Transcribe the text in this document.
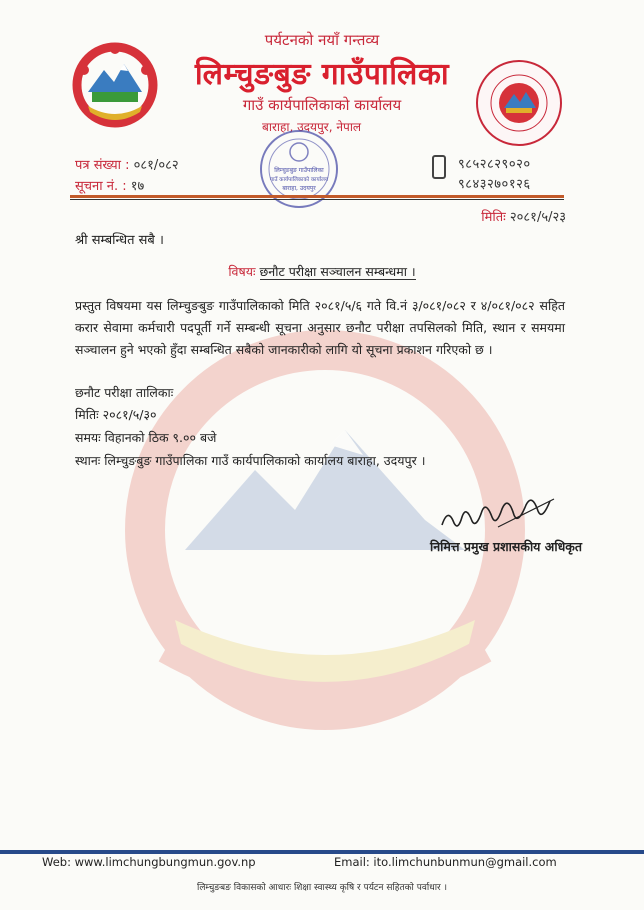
पर्यटनको नयाँ गन्तव्य
लिम्चुङबुङ गाउँपालिका
गाउँ कार्यपालिकाको कार्यालय
बाराहा, उदयपुर, नेपाल
लिम्चुङबुङ गाउँपालिका
गाउँ कार्यपालिकाको कार्यालय
बाराहा, उदयपुर
पत्र संख्या : ०८१/०८२
सूचना नं. : १७
९८५२८२९०२०
९८४३२७०१२६
मितिः २०८१/५/२३
श्री सम्बन्धित सबै ।
विषयः छनौट परीक्षा सञ्चालन सम्बन्धमा ।
प्रस्तुत विषयमा यस लिम्चुङबुङ गाउँपालिकाको मिति २०८१/५/६ गते वि.नं ३/०८१/०८२ र ४/०८१/०८२ सहित करार सेवामा कर्मचारी पदपूर्ती गर्ने सम्बन्धी सूचना अनुसार छनौट परीक्षा तपसिलको मिति, स्थान र समयमा सञ्चालन हुने भएको हुँदा सम्बन्धित सबैको जानकारीको लागि यो सूचना प्रकाशन गरिएको छ ।
छनौट परीक्षा तालिकाः
मितिः २०८१/५/३०
समयः विहानको ठिक ९.०० बजे
स्थानः लिम्चुङबुङ गाउँपालिका गाउँ कार्यपालिकाको कार्यालय बाराहा, उदयपुर ।
निमित्त प्रमुख प्रशासकीय अधिकृत
Web: www.limchungbungmun.gov.np	Email: ito.limchunbunmun@gmail.com
लिम्चुङबङ विकासको आधारः शिक्षा स्वास्थ्य कृषि र पर्यटन सहितको पर्वाधार ।
